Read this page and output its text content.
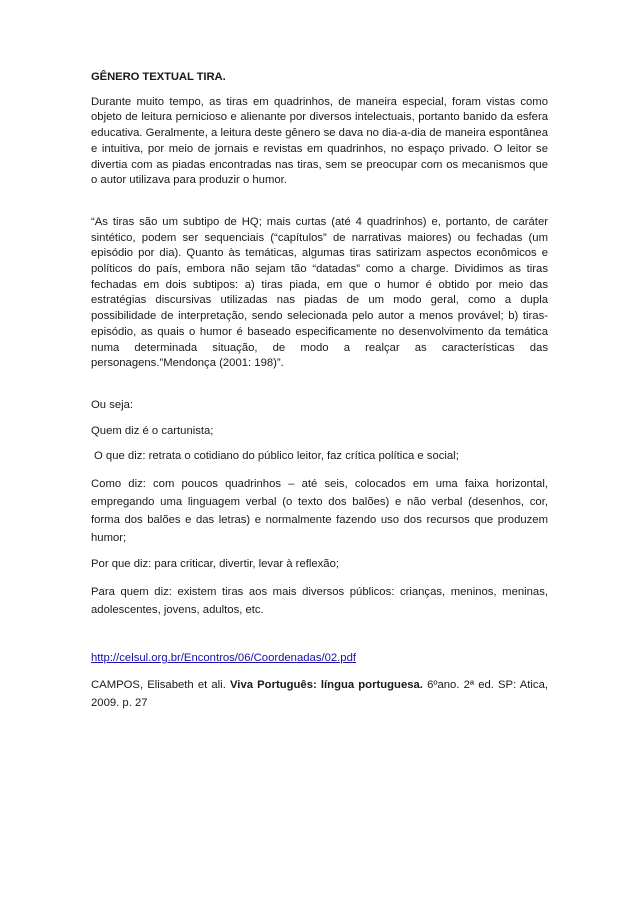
GÊNERO TEXTUAL TIRA.

Durante muito tempo, as tiras em quadrinhos, de maneira especial, foram vistas como objeto de leitura pernicioso e alienante por diversos intelectuais, portanto banido da esfera educativa. Geralmente, a leitura deste gênero se dava no dia-a-dia de maneira espontânea e intuitiva, por meio de jornais e revistas em quadrinhos, no espaço privado. O leitor se divertia com as piadas encontradas nas tiras, sem se preocupar com os mecanismos que o autor utilizava para produzir o humor.

“As tiras são um subtipo de HQ; mais curtas (até 4 quadrinhos) e, portanto, de caráter sintético, podem ser sequenciais (“capítulos” de narrativas maiores) ou fechadas (um episódio por dia). Quanto às temáticas, algumas tiras satirizam aspectos econômicos e políticos do país, embora não sejam tão “datadas” como a charge. Dividimos as tiras fechadas em dois subtipos: a) tiras piada, em que o humor é obtido por meio das estratégias discursivas utilizadas nas piadas de um modo geral, como a dupla possibilidade de interpretação, sendo selecionada pelo autor a menos provável; b) tiras-episódio, as quais o humor é baseado especificamente no desenvolvimento da temática numa determinada situação, de modo a realçar as características das personagens.”Mendonça (2001: 198)”.

Ou seja:

Quem diz é o cartunista;

O que diz: retrata o cotidiano do público leitor, faz crítica política e social;

Como diz: com poucos quadrinhos – até seis, colocados em uma faixa horizontal, empregando uma linguagem verbal (o texto dos balões) e não verbal (desenhos, cor, forma dos balões e das letras) e normalmente fazendo uso dos recursos que produzem humor;

Por que diz: para criticar, divertir, levar à reflexão;

Para quem diz: existem tiras aos mais diversos públicos: crianças, meninos, meninas, adolescentes, jovens, adultos, etc.

http://celsul.org.br/Encontros/06/Coordenadas/02.pdf

CAMPOS, Elisabeth et ali. Viva Português: língua portuguesa. 6ºano. 2ª ed. SP: Atica, 2009. p. 27
